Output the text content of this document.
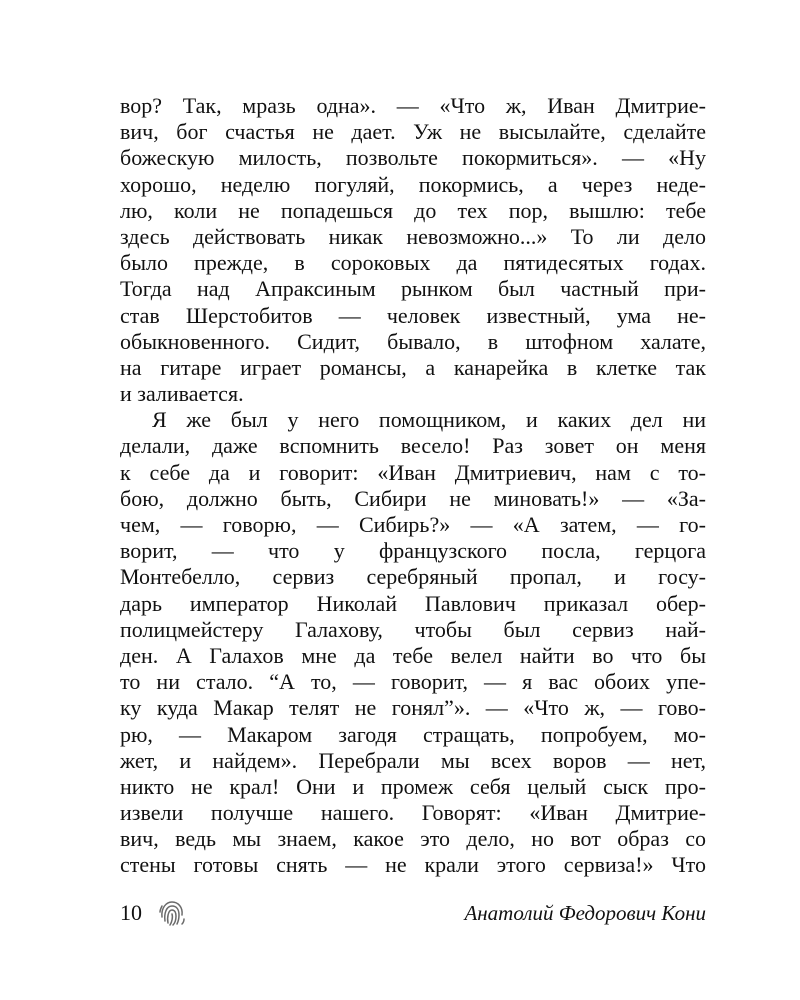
вор? Так, мразь одна». — «Что ж, Иван Дмитрие-
вич, бог счастья не дает. Уж не высылайте, сделайте
божескую милость, позвольте покормиться». — «Ну
хорошо, неделю погуляй, покормись, а через неде-
лю, коли не попадешься до тех пор, вышлю: тебе
здесь действовать никак невозможно...» То ли дело
было прежде, в сороковых да пятидесятых годах.
Тогда над Апраксиным рынком был частный при-
став Шерстобитов — человек известный, ума не-
обыкновенного. Сидит, бывало, в штофном халате,
на гитаре играет романсы, а канарейка в клетке так
и заливается.
Я же был у него помощником, и каких дел ни
делали, даже вспомнить весело! Раз зовет он меня
к себе да и говорит: «Иван Дмитриевич, нам с то-
бою, должно быть, Сибири не миновать!» — «За-
чем, — говорю, — Сибирь?» — «А затем, — го-
ворит, — что у французского посла, герцога
Монтебелло, сервиз серебряный пропал, и госу-
дарь император Николай Павлович приказал обер-
полицмейстеру Галахову, чтобы был сервиз най-
ден. А Галахов мне да тебе велел найти во что бы
то ни стало. “А то, — говорит, — я вас обоих упе-
ку куда Макар телят не гонял”». — «Что ж, — гово-
рю, — Макаром загодя стращать, попробуем, мо-
жет, и найдем». Перебрали мы всех воров — нет,
никто не крал! Они и промеж себя целый сыск про-
извели получше нашего. Говорят: «Иван Дмитрие-
вич, ведь мы знаем, какое это дело, но вот образ со
стены готовы снять — не крали этого сервиза!» Что
10	Анатолий Федорович Кони
